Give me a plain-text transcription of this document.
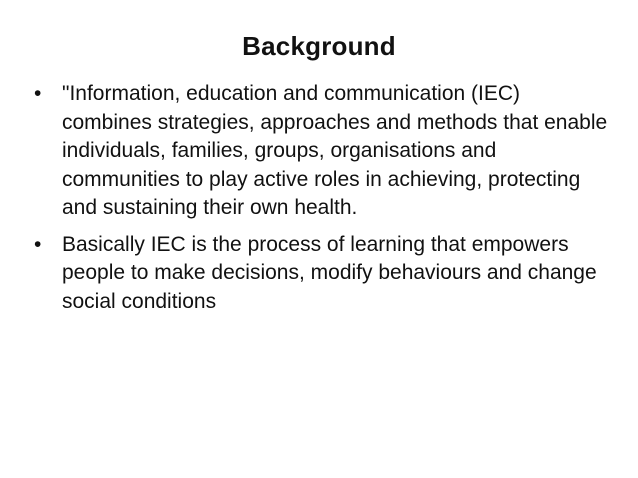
Background
• "Information, education and communication (IEC) combines strategies, approaches and methods that enable individuals, families, groups, organisations and communities to play active roles in achieving, protecting and sustaining their own health.
• Basically IEC is the process of learning that empowers people to make decisions, modify behaviours and change social conditions
